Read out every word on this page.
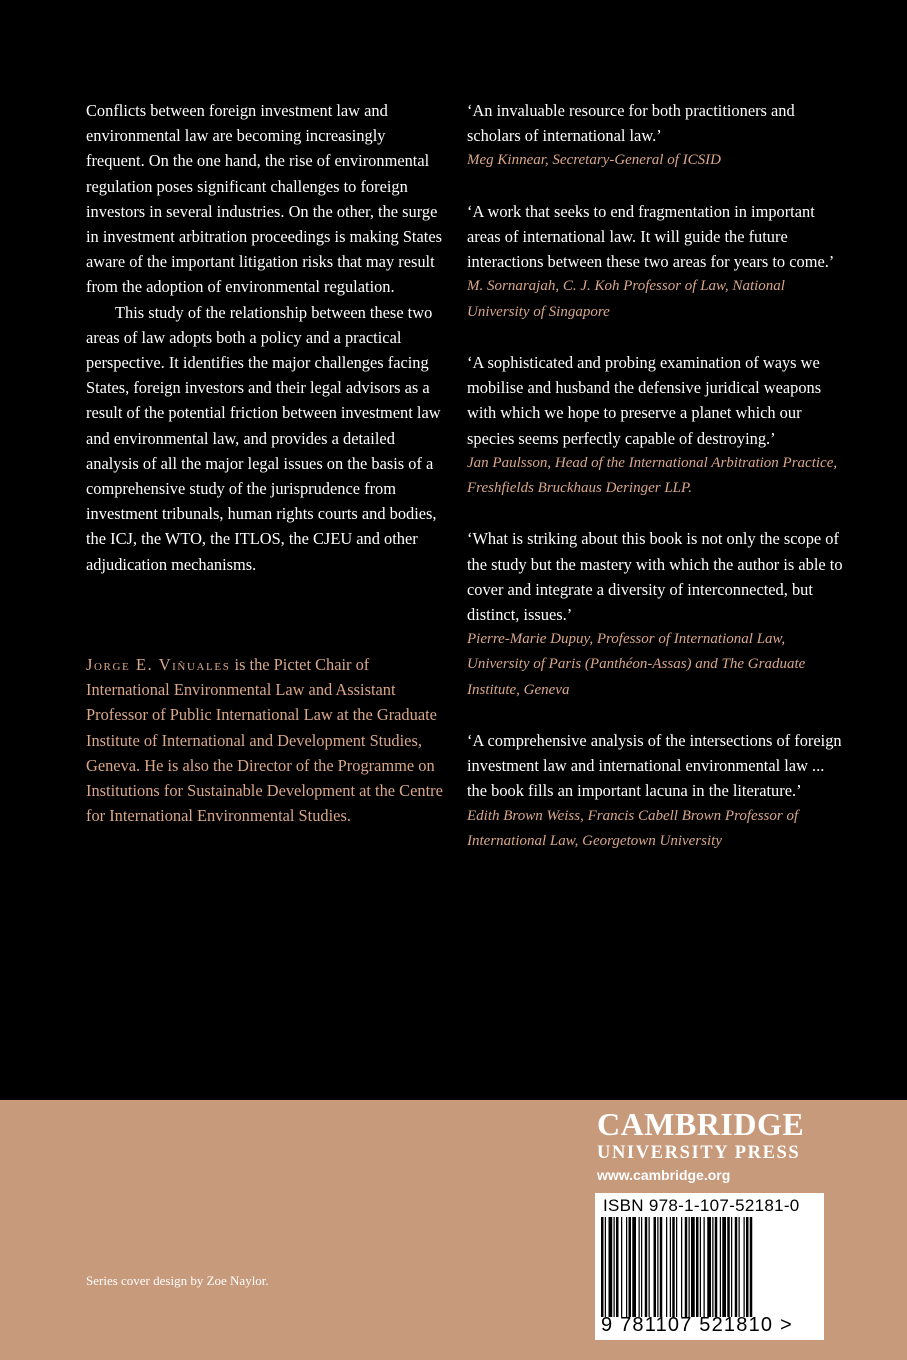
Conflicts between foreign investment law and environmental law are becoming increasingly frequent. On the one hand, the rise of environmental regulation poses significant challenges to foreign investors in several industries. On the other, the surge in investment arbitration proceedings is making States aware of the important litigation risks that may result from the adoption of environmental regulation.

This study of the relationship between these two areas of law adopts both a policy and a practical perspective. It identifies the major challenges facing States, foreign investors and their legal advisors as a result of the potential friction between investment law and environmental law, and provides a detailed analysis of all the major legal issues on the basis of a comprehensive study of the jurisprudence from investment tribunals, human rights courts and bodies, the ICJ, the WTO, the ITLOS, the CJEU and other adjudication mechanisms.

Jorge E. Viñuales is the Pictet Chair of International Environmental Law and Assistant Professor of Public International Law at the Graduate Institute of International and Development Studies, Geneva. He is also the Director of the Programme on Institutions for Sustainable Development at the Centre for International Environmental Studies.

‘An invaluable resource for both practitioners and scholars of international law.’

Meg Kinnear, Secretary-General of ICSID

‘A work that seeks to end fragmentation in important areas of international law. It will guide the future interactions between these two areas for years to come.’

M. Sornarajah, C. J. Koh Professor of Law, National University of Singapore

‘A sophisticated and probing examination of ways we mobilise and husband the defensive juridical weapons with which we hope to preserve a planet which our species seems perfectly capable of destroying.’

Jan Paulsson, Head of the International Arbitration Practice, Freshfields Bruckhaus Deringer LLP.

‘What is striking about this book is not only the scope of the study but the mastery with which the author is able to cover and integrate a diversity of interconnected, but distinct, issues.’

Pierre-Marie Dupuy, Professor of International Law, University of Paris (Panthéon-Assas) and The Graduate Institute, Geneva

‘A comprehensive analysis of the intersections of foreign investment law and international environmental law ... the book fills an important lacuna in the literature.’

Edith Brown Weiss, Francis Cabell Brown Professor of International Law, Georgetown University

Series cover design by Zoe Naylor.
CAMBRIDGE
UNIVERSITY PRESS
www.cambridge.org
ISBN 978-1-107-52181-0
9 781107 521810 >
